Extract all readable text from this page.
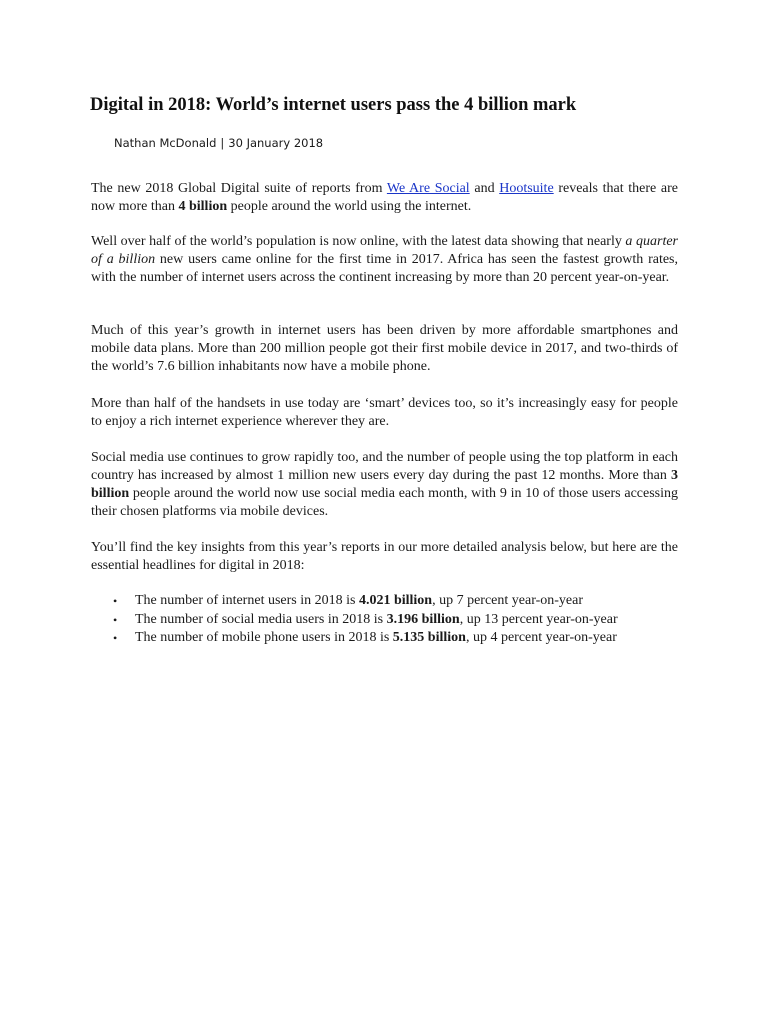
Digital in 2018: World’s internet users pass the 4 billion mark

Nathan McDonald | 30 January 2018

The new 2018 Global Digital suite of reports from We Are Social and Hootsuite reveals that there are now more than 4 billion people around the world using the internet.

Well over half of the world’s population is now online, with the latest data showing that nearly a quarter of a billion new users came online for the first time in 2017. Africa has seen the fastest growth rates, with the number of internet users across the continent increasing by more than 20 percent year-on-year.

Much of this year’s growth in internet users has been driven by more affordable smartphones and mobile data plans. More than 200 million people got their first mobile device in 2017, and two-thirds of the world’s 7.6 billion inhabitants now have a mobile phone.

More than half of the handsets in use today are ‘smart’ devices too, so it’s increasingly easy for people to enjoy a rich internet experience wherever they are.

Social media use continues to grow rapidly too, and the number of people using the top platform in each country has increased by almost 1 million new users every day during the past 12 months. More than 3 billion people around the world now use social media each month, with 9 in 10 of those users accessing their chosen platforms via mobile devices.

You’ll find the key insights from this year’s reports in our more detailed analysis below, but here are the essential headlines for digital in 2018:

• The number of internet users in 2018 is 4.021 billion, up 7 percent year-on-year
• The number of social media users in 2018 is 3.196 billion, up 13 percent year-on-year
• The number of mobile phone users in 2018 is 5.135 billion, up 4 percent year-on-year
